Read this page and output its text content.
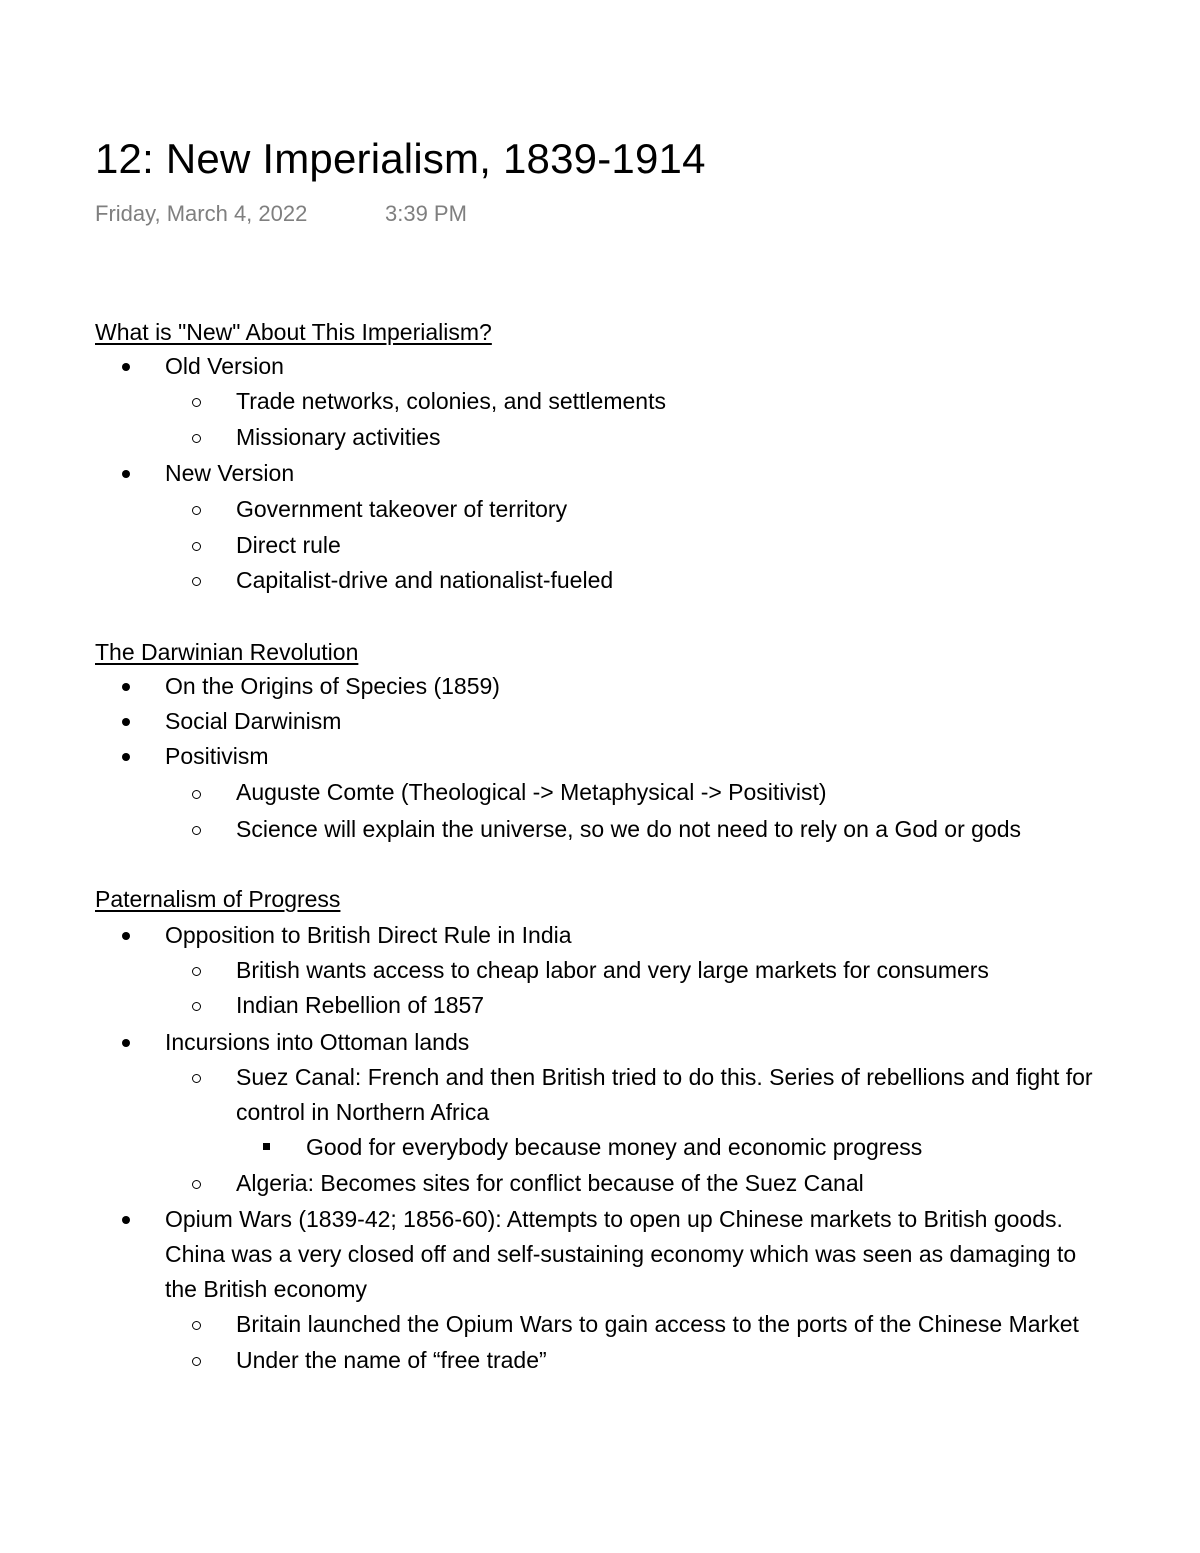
12: New Imperialism, 1839-1914
Friday, March 4, 2022	3:39 PM
What is "New" About This Imperialism?
Old Version
Trade networks, colonies, and settlements
Missionary activities
New Version
Government takeover of territory
Direct rule
Capitalist-drive and nationalist-fueled
The Darwinian Revolution
On the Origins of Species (1859)
Social Darwinism
Positivism
Auguste Comte (Theological -> Metaphysical -> Positivist)
Science will explain the universe, so we do not need to rely on a God or gods
Paternalism of Progress
Opposition to British Direct Rule in India
British wants access to cheap labor and very large markets for consumers
Indian Rebellion of 1857
Incursions into Ottoman lands
Suez Canal: French and then British tried to do this. Series of rebellions and fight for
control in Northern Africa
Good for everybody because money and economic progress
Algeria: Becomes sites for conflict because of the Suez Canal
Opium Wars (1839-42; 1856-60): Attempts to open up Chinese markets to British goods.
China was a very closed off and self-sustaining economy which was seen as damaging to
the British economy
Britain launched the Opium Wars to gain access to the ports of the Chinese Market
Under the name of “free trade”
